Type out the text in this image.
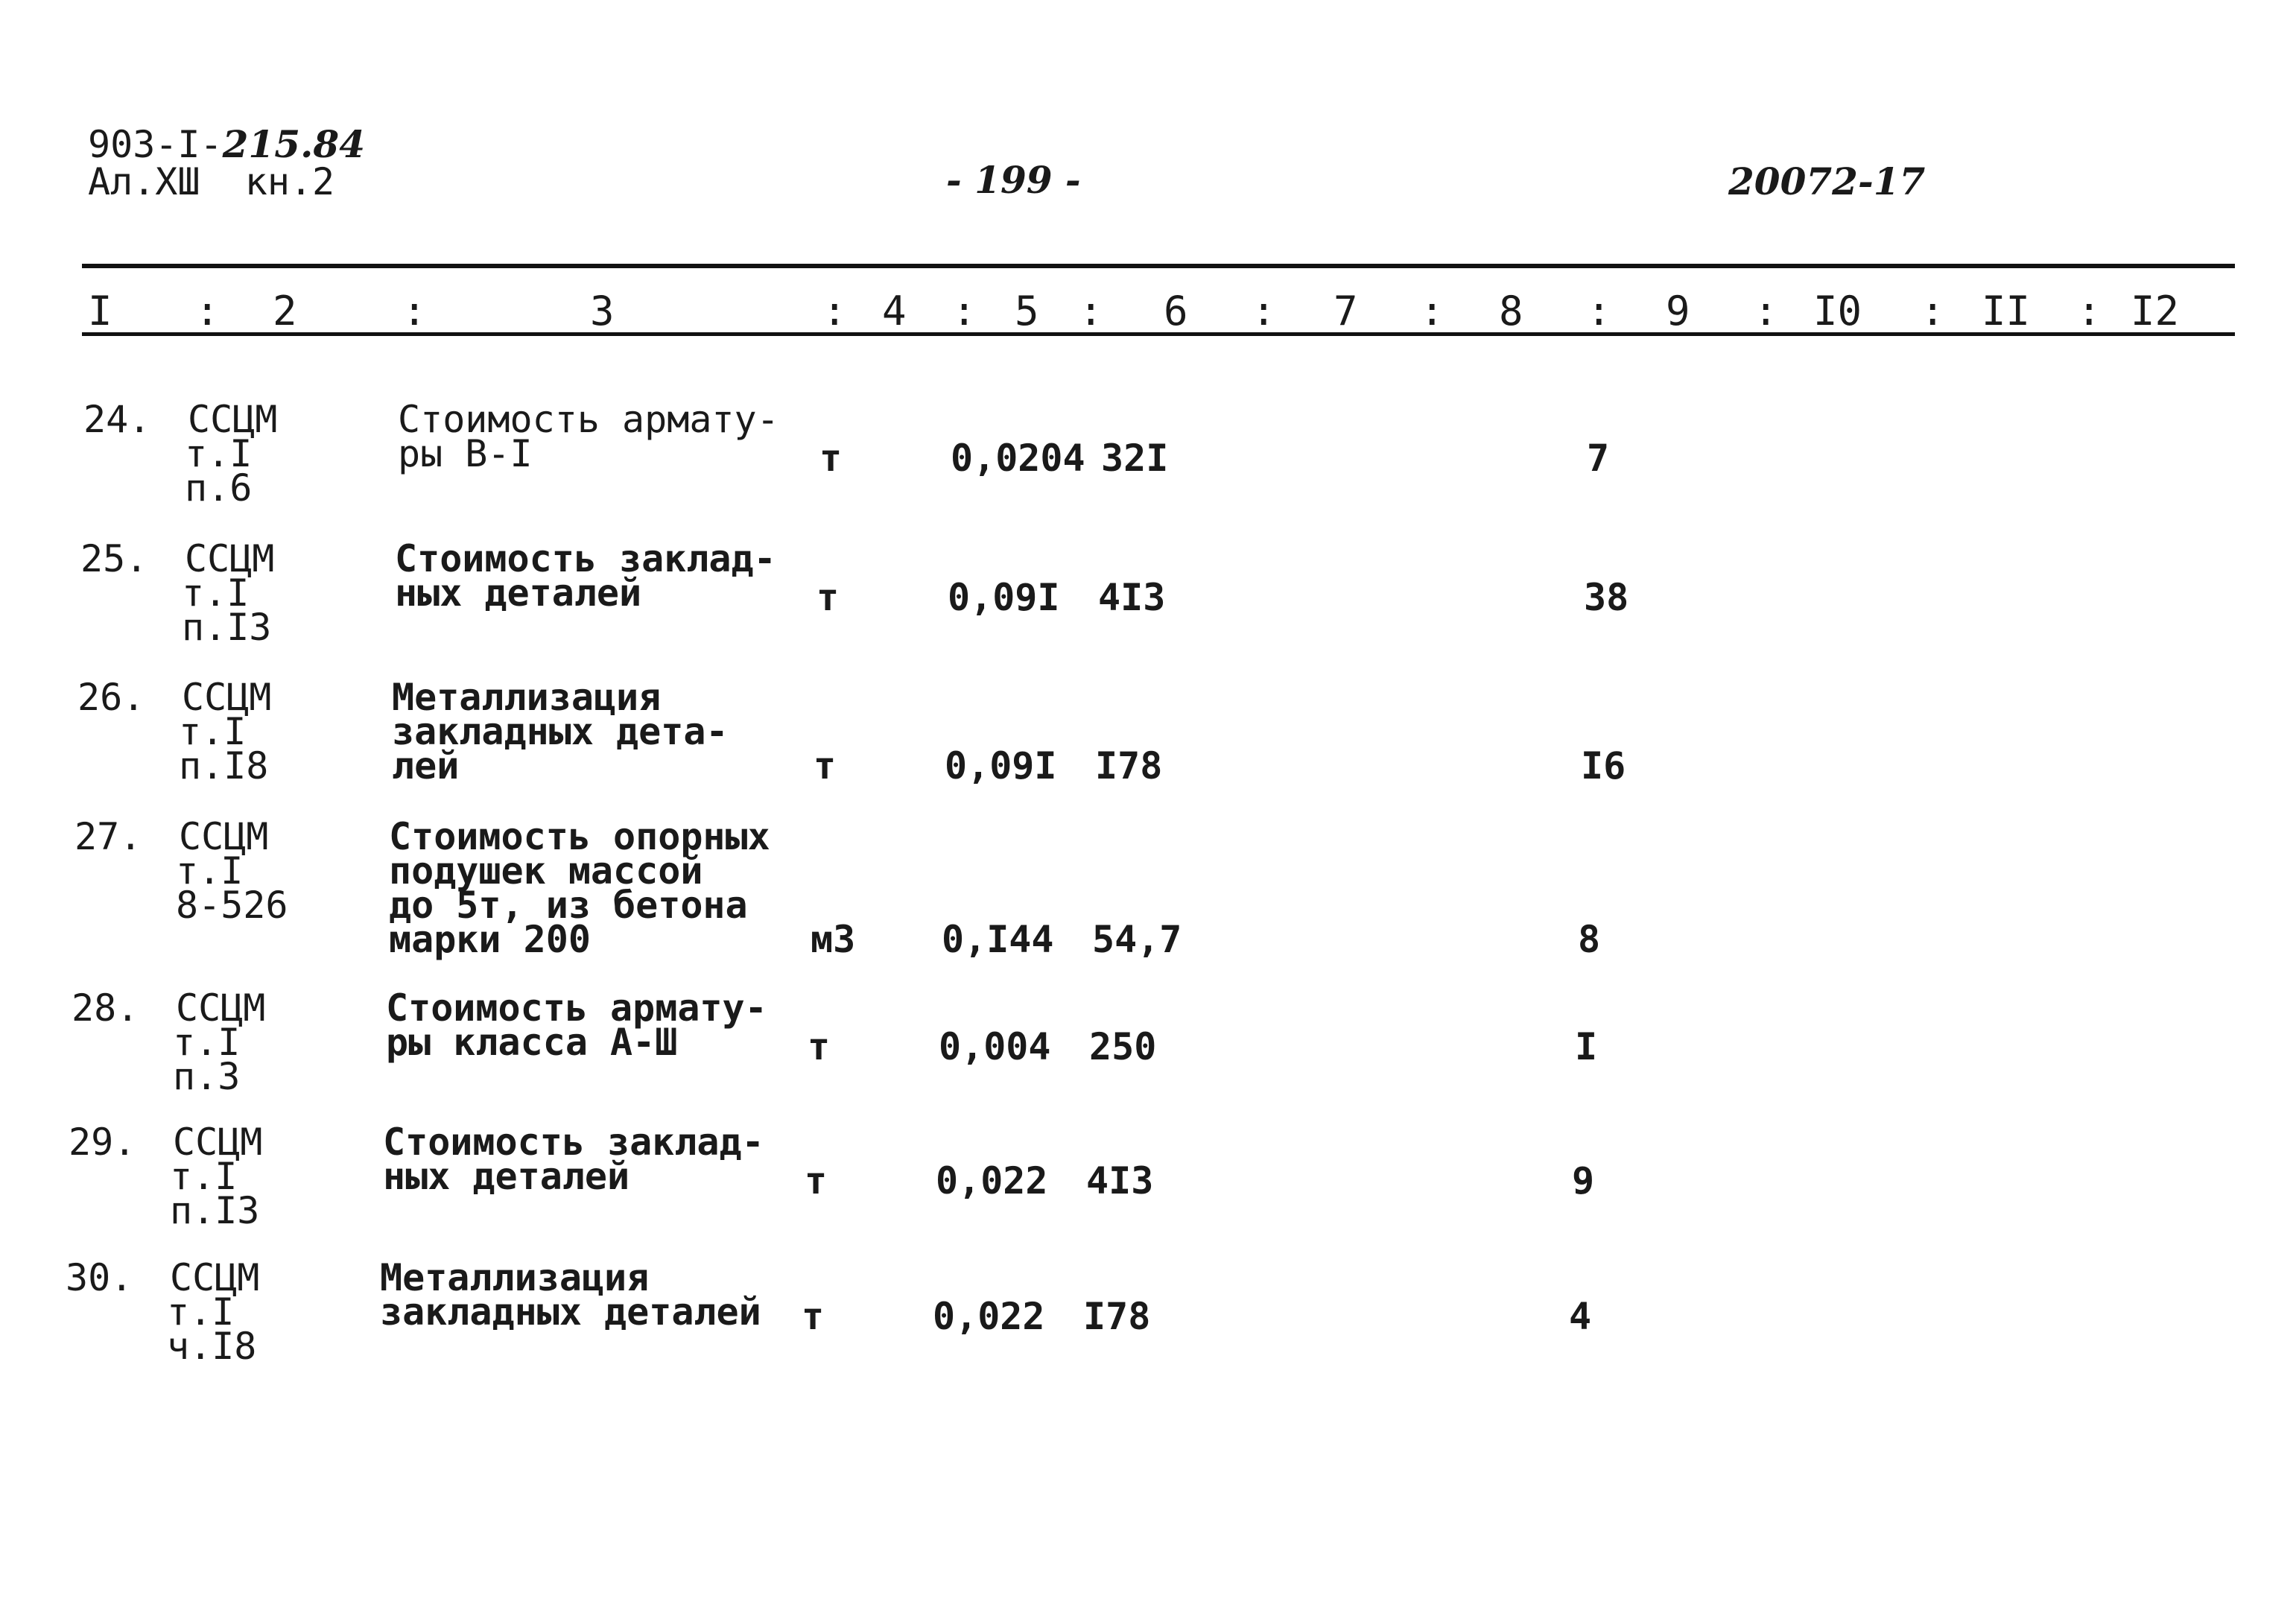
903-I-215.84
Ал.ХШ кн.2	- 199 -	20072-17
I : 2	:	3	: 4 : 5 : 6 : 7 : 8 : 9 : I0 : II : I2
24. ССЦМ
т.I
п.6
Стоимость армату-
ры В-I	т	0,0204 32I	7
25. ССЦМ
т.I
п.I3
Стоимость заклад-
ных деталей	т	0,09I 4I3	38
26. ССЦМ
т.I
п.I8
Металлизация
закладных дета-
лей	т	0,09I I78	I6
27. ССЦМ
т.I
8-526
Стоимость опорных
подушек массой
до 5т, из бетона
марки 200	м3 0,I44 54,7	8
28. ССЦМ
т.I
п.3
Стоимость армату-
ры класса А-Ш	т	0,004 250	I
29. ССЦМ
т.I
п.I3
Стоимость заклад-
ных деталей	т	0,022 4I3	9
30. ССЦМ
т.I
ч.I8
Металлизация
закладных деталей т	0,022 I78	4
